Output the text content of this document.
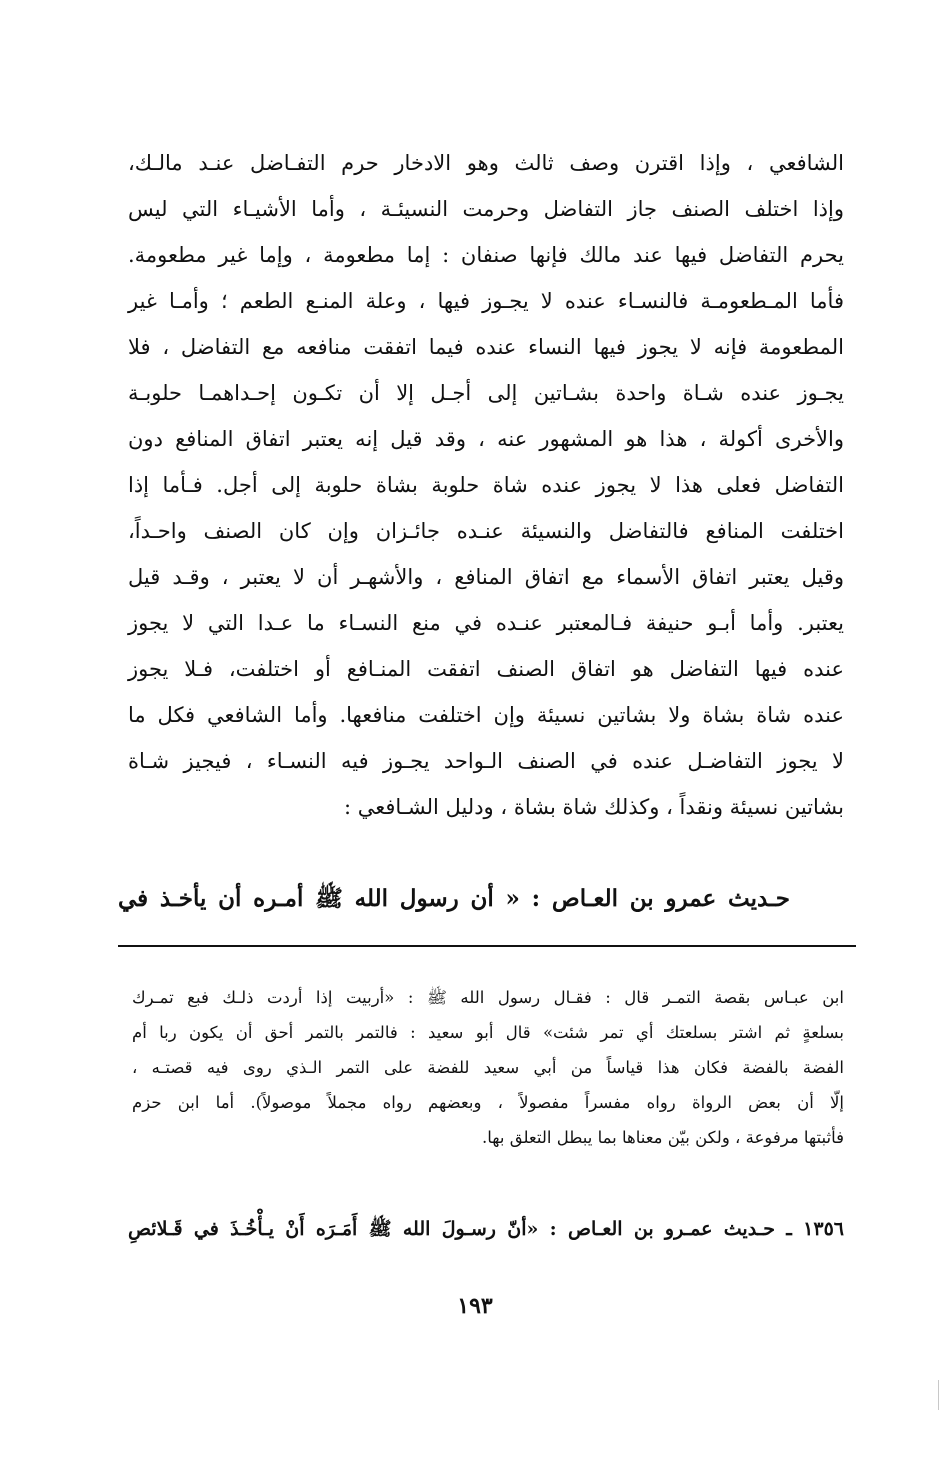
الشافعي ، وإذا اقترن وصف ثالث وهو الادخار حرم التفـاضل عنـد مالـك،
وإذا اختلف الصنف جاز التفاضل وحرمت النسيئـة ، وأما الأشيـاء التي ليس
يحرم التفاضل فيها عند مالك فإنها صنفان : إما مطعومة ، وإما غير مطعومة.
فأما المـطعومـة فالنسـاء عنده لا يجـوز فيها ، وعلة المنـع الطعم ؛ وأمـا غير
المطعومة فإنه لا يجوز فيها النساء عنده فيما اتفقت منافعه مع التفاضل ، فلا
يجـوز عنده شـاة واحدة بشـاتين إلى أجـل إلا أن تكـون إحـداهمـا حلوبـة
والأخرى أكولة ، هذا هو المشهور عنه ، وقد قيل إنه يعتبر اتفاق المنافع دون
التفاضل فعلى هذا لا يجوز عنده شاة حلوبة بشاة حلوبة إلى أجل. فـأما إذا
اختلفت المنافع فالتفاضل والنسيئة عنـده جائـزان وإن كان الصنف واحـداً،
وقيل يعتبر اتفاق الأسماء مع اتفاق المنافع ، والأشهـر أن لا يعتبر ، وقـد قيل
يعتبر. وأما أبـو حنيفة فـالمعتبر عنـده في منع النسـاء ما عـدا التي لا يجوز
عنده فيها التفاضل هو اتفاق الصنف اتفقت المنـافع أو اختلفت، فـلا يجوز
عنده شاة بشاة ولا بشاتين نسيئة وإن اختلفت منافعها. وأما الشافعي فكل ما
لا يجوز التفاضـل عنده في الصنف الـواحد يجـوز فيه النسـاء ، فيجيز شـاة
بشاتين نسيئة ونقداً ، وكذلك شاة بشاة ، ودليل الشـافعي :
حـديث عمرو بن العـاص : « أن رسول الله ﷺ أمـره أن يأخـذ في
ابن عبـاس بقصة التمـر قال : فقـال رسول الله ﷺ : «أربيت إذا أردت ذلـك فبع تمـرك
بسلعةٍ ثم اشتر بسلعتك أي تمر شئت» قال أبو سعيد : فالتمر بالتمر أحق أن يكون ربا أم
الفضة بالفضة فكان هذا قياساً من أبي سعيد للفضة على التمر الـذي روى فيه قصتـه ،
إلّا أن بعض الرواة رواه مفسراً مفصولاً ، وبعضهم رواه مجملاً موصولاً). أما ابن حزم
فأثبتها مرفوعة ، ولكن بيّن معناها بما يبطل التعلق بها.
١٣٥٦ ـ حـديث عمـرو بن العـاص : «أنّ رسـولَ الله ﷺ أَمَـرَه أَنْ يـأْخُـذَ في قَـلائصِ
١٩٣
